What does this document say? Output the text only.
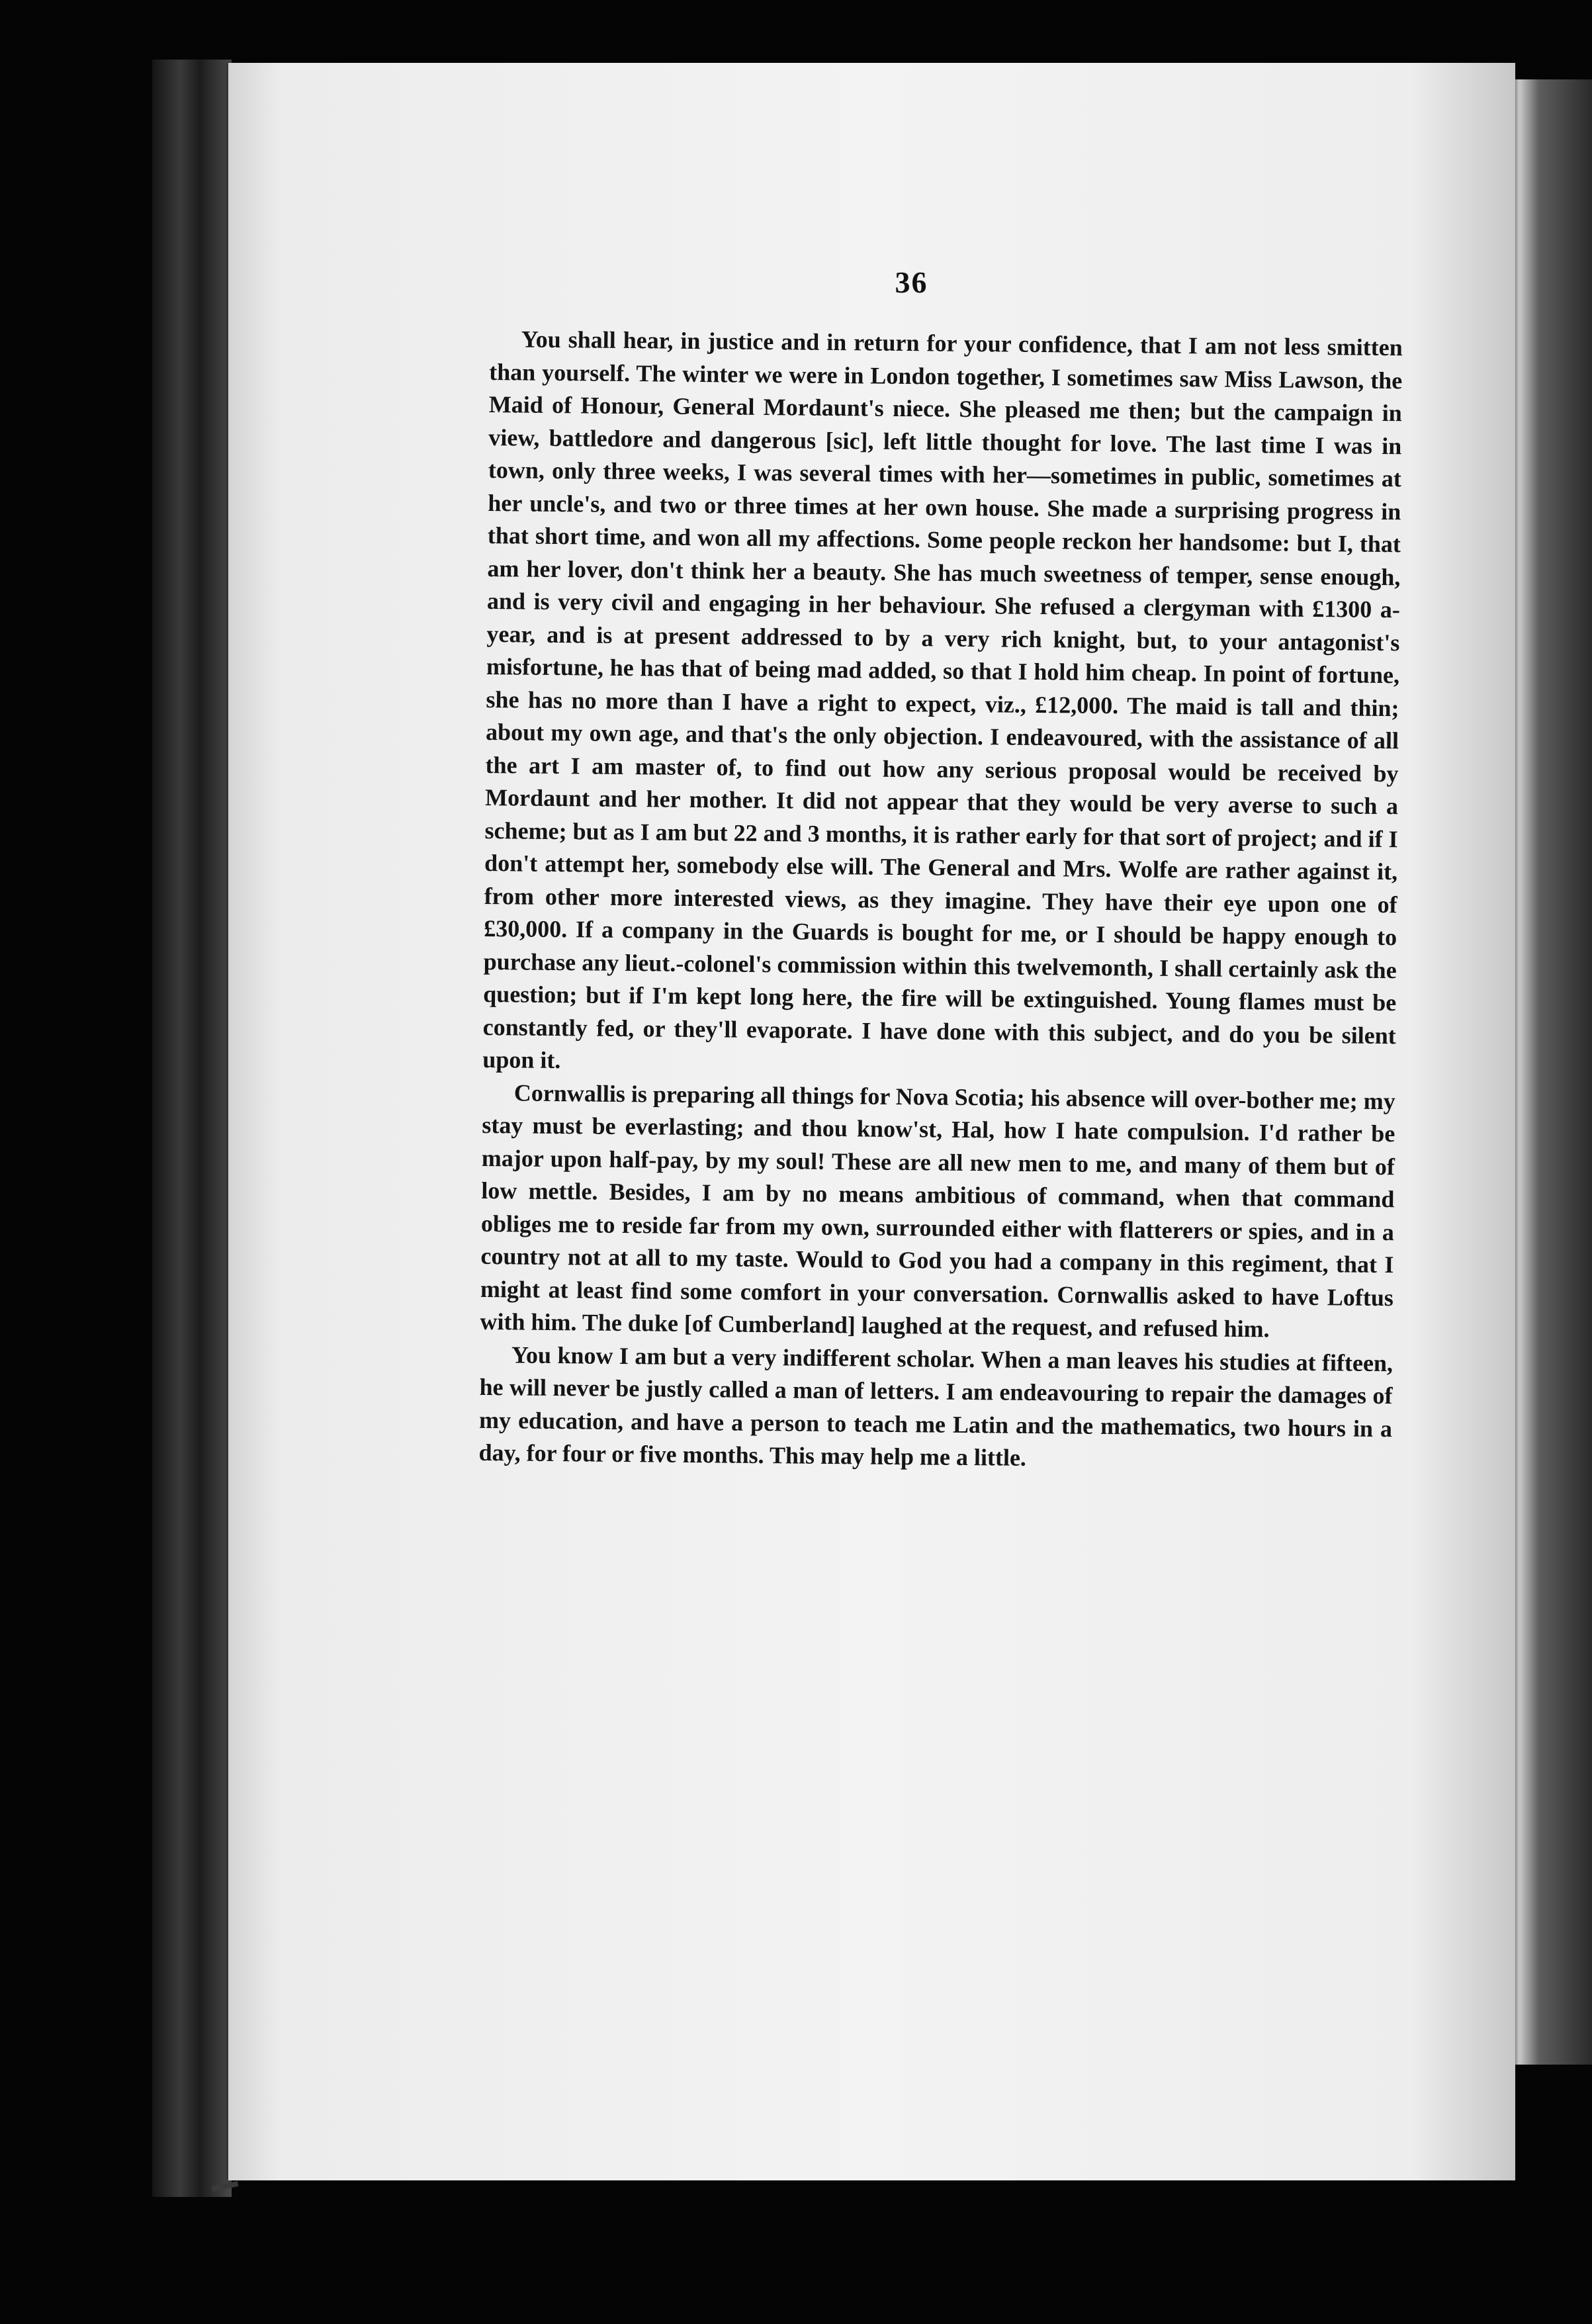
36

You shall hear, in justice and in return for your confidence, that I am not less smitten than yourself. The winter we were in London together, I sometimes saw Miss Lawson, the Maid of Honour, General Mordaunt's niece. She pleased me then; but the campaign in view, battledore and dangerous [sic], left little thought for love. The last time I was in town, only three weeks, I was several times with her—sometimes in public, sometimes at her uncle's, and two or three times at her own house. She made a surprising progress in that short time, and won all my affections. Some people reckon her handsome: but I, that am her lover, don't think her a beauty. She has much sweetness of temper, sense enough, and is very civil and engaging in her behaviour. She refused a clergyman with £1300 a-year, and is at present addressed to by a very rich knight, but, to your antagonist's misfortune, he has that of being mad added, so that I hold him cheap. In point of fortune, she has no more than I have a right to expect, viz., £12,000. The maid is tall and thin; about my own age, and that's the only objection. I endeavoured, with the assistance of all the art I am master of, to find out how any serious proposal would be received by Mordaunt and her mother. It did not appear that they would be very averse to such a scheme; but as I am but 22 and 3 months, it is rather early for that sort of project; and if I don't attempt her, somebody else will. The General and Mrs. Wolfe are rather against it, from other more interested views, as they imagine. They have their eye upon one of £30,000. If a company in the Guards is bought for me, or I should be happy enough to purchase any lieut.-colonel's commission within this twelvemonth, I shall certainly ask the question; but if I'm kept long here, the fire will be extinguished. Young flames must be constantly fed, or they'll evaporate. I have done with this subject, and do you be silent upon it.

Cornwallis is preparing all things for Nova Scotia; his absence will over-bother me; my stay must be everlasting; and thou know'st, Hal, how I hate compulsion. I'd rather be major upon half-pay, by my soul! These are all new men to me, and many of them but of low mettle. Besides, I am by no means ambitious of command, when that command obliges me to reside far from my own, surrounded either with flatterers or spies, and in a country not at all to my taste. Would to God you had a company in this regiment, that I might at least find some comfort in your conversation. Cornwallis asked to have Loftus with him. The duke [of Cumberland] laughed at the request, and refused him.

You know I am but a very indifferent scholar. When a man leaves his studies at fifteen, he will never be justly called a man of letters. I am endeavouring to repair the damages of my education, and have a person to teach me Latin and the mathematics, two hours in a day, for four or five months. This may help me a little.
